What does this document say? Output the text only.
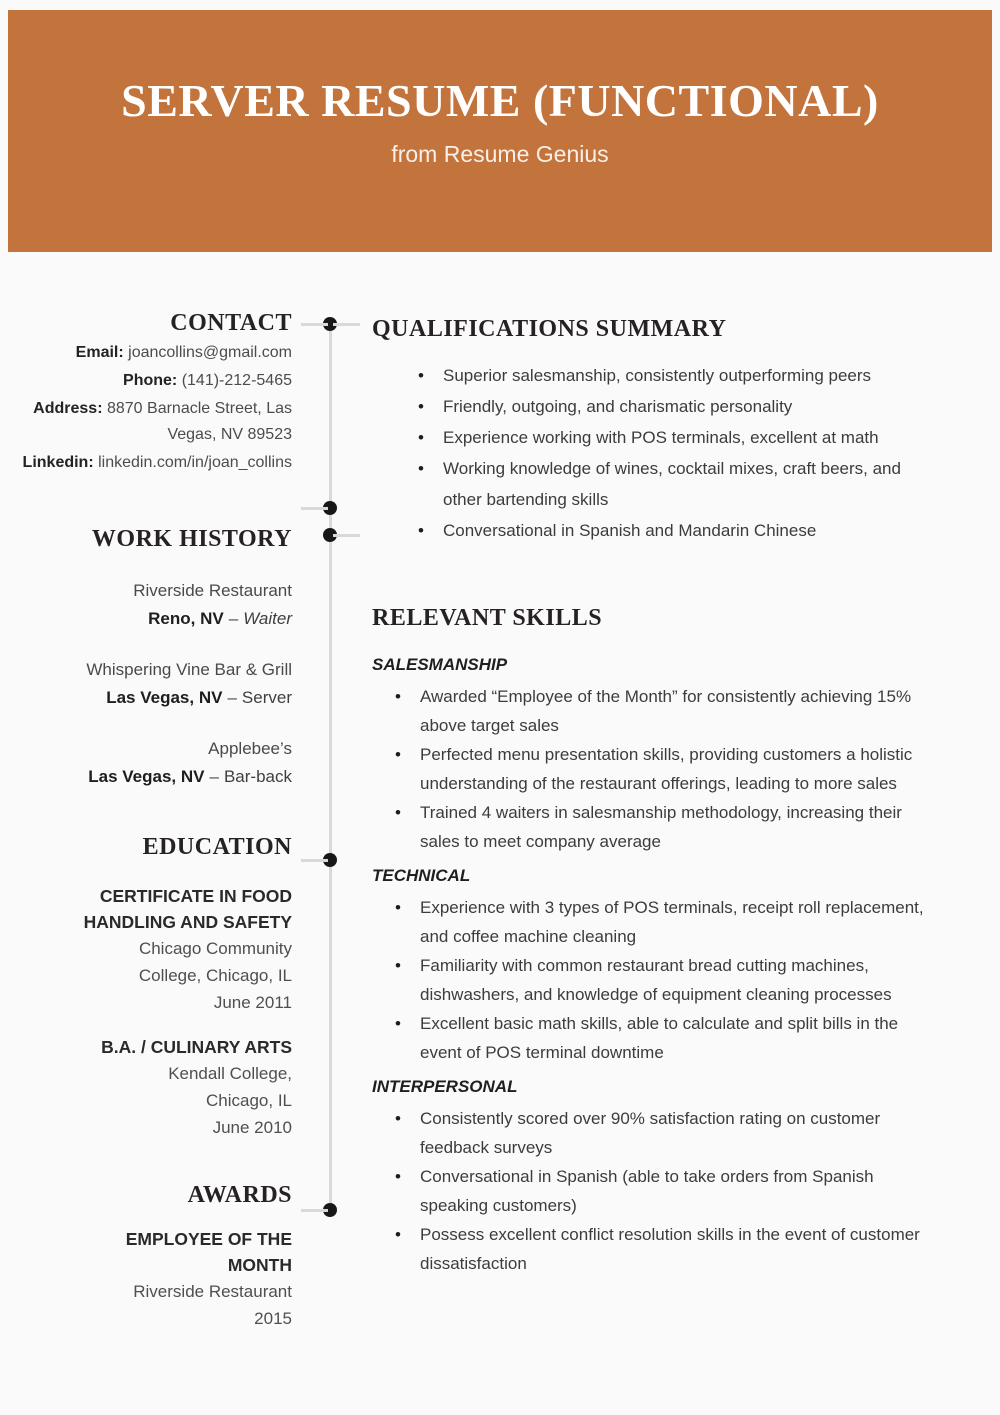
SERVER RESUME (FUNCTIONAL)
from Resume Genius
CONTACT
Email: joancollins@gmail.com
Phone: (141)-212-5465
Address: 8870 Barnacle Street, Las
Vegas, NV 89523
Linkedin: linkedin.com/in/joan_collins
WORK HISTORY
Riverside Restaurant
Reno, NV – Waiter
Whispering Vine Bar & Grill
Las Vegas, NV – Server
Applebee’s
Las Vegas, NV – Bar-back
EDUCATION
CERTIFICATE IN FOOD
HANDLING AND SAFETY
Chicago Community
College, Chicago, IL
June 2011
B.A. / CULINARY ARTS
Kendall College,
Chicago, IL
June 2010
AWARDS
EMPLOYEE OF THE
MONTH
Riverside Restaurant
2015
QUALIFICATIONS SUMMARY
• Superior salesmanship, consistently outperforming peers
• Friendly, outgoing, and charismatic personality
• Experience working with POS terminals, excellent at math
• Working knowledge of wines, cocktail mixes, craft beers, and other bartending skills
• Conversational in Spanish and Mandarin Chinese
RELEVANT SKILLS
SALESMANSHIP
• Awarded “Employee of the Month” for consistently achieving 15% above target sales
• Perfected menu presentation skills, providing customers a holistic understanding of the restaurant offerings, leading to more sales
• Trained 4 waiters in salesmanship methodology, increasing their sales to meet company average
TECHNICAL
• Experience with 3 types of POS terminals, receipt roll replacement, and coffee machine cleaning
• Familiarity with common restaurant bread cutting machines, dishwashers, and knowledge of equipment cleaning processes
• Excellent basic math skills, able to calculate and split bills in the event of POS terminal downtime
INTERPERSONAL
• Consistently scored over 90% satisfaction rating on customer feedback surveys
• Conversational in Spanish (able to take orders from Spanish speaking customers)
• Possess excellent conflict resolution skills in the event of customer dissatisfaction
